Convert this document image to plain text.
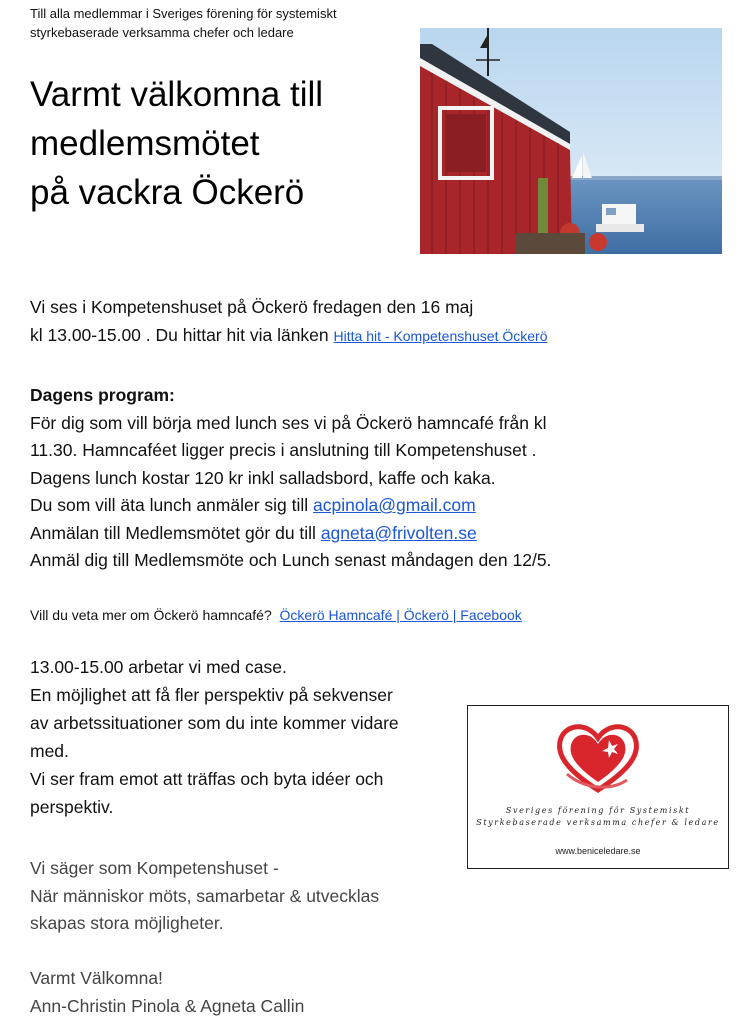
Till alla medlemmar i Sveriges förening för systemiskt
styrkebaserade verksamma chefer och ledare
Varmt välkomna till
medlemsmötet
på vackra Öckerö
Vi ses i Kompetenshuset på Öckerö fredagen den 16 maj
kl 13.00-15.00 . Du hittar hit via länken Hitta hit - Kompetenshuset Öckerö
Dagens program:
För dig som vill börja med lunch ses vi på Öckerö hamncafé från kl
11.30. Hamncaféet ligger precis i anslutning till Kompetenshuset .
Dagens lunch kostar 120 kr inkl salladsbord, kaffe och kaka.
Du som vill äta lunch anmäler sig till acpinola@gmail.com
Anmälan till Medlemsmötet gör du till agneta@frivolten.se
Anmäl dig till Medlemsmöte och Lunch senast måndagen den 12/5.
Vill du veta mer om Öckerö hamncafé? Öckerö Hamncafé | Öckerö | Facebook
13.00-15.00 arbetar vi med case.
En möjlighet att få fler perspektiv på sekvenser
av arbetssituationer som du inte kommer vidare
med.
Vi ser fram emot att träffas och byta idéer och
perspektiv.	Sveriges förening för Systemiskt
Styrkebaserade verksamma chefer & ledare
www.beniceledare.se
Vi säger som Kompetenshuset -
När människor möts, samarbetar & utvecklas
skapas stora möjligheter.
Varmt Välkomna!
Ann-Christin Pinola & Agneta Callin
